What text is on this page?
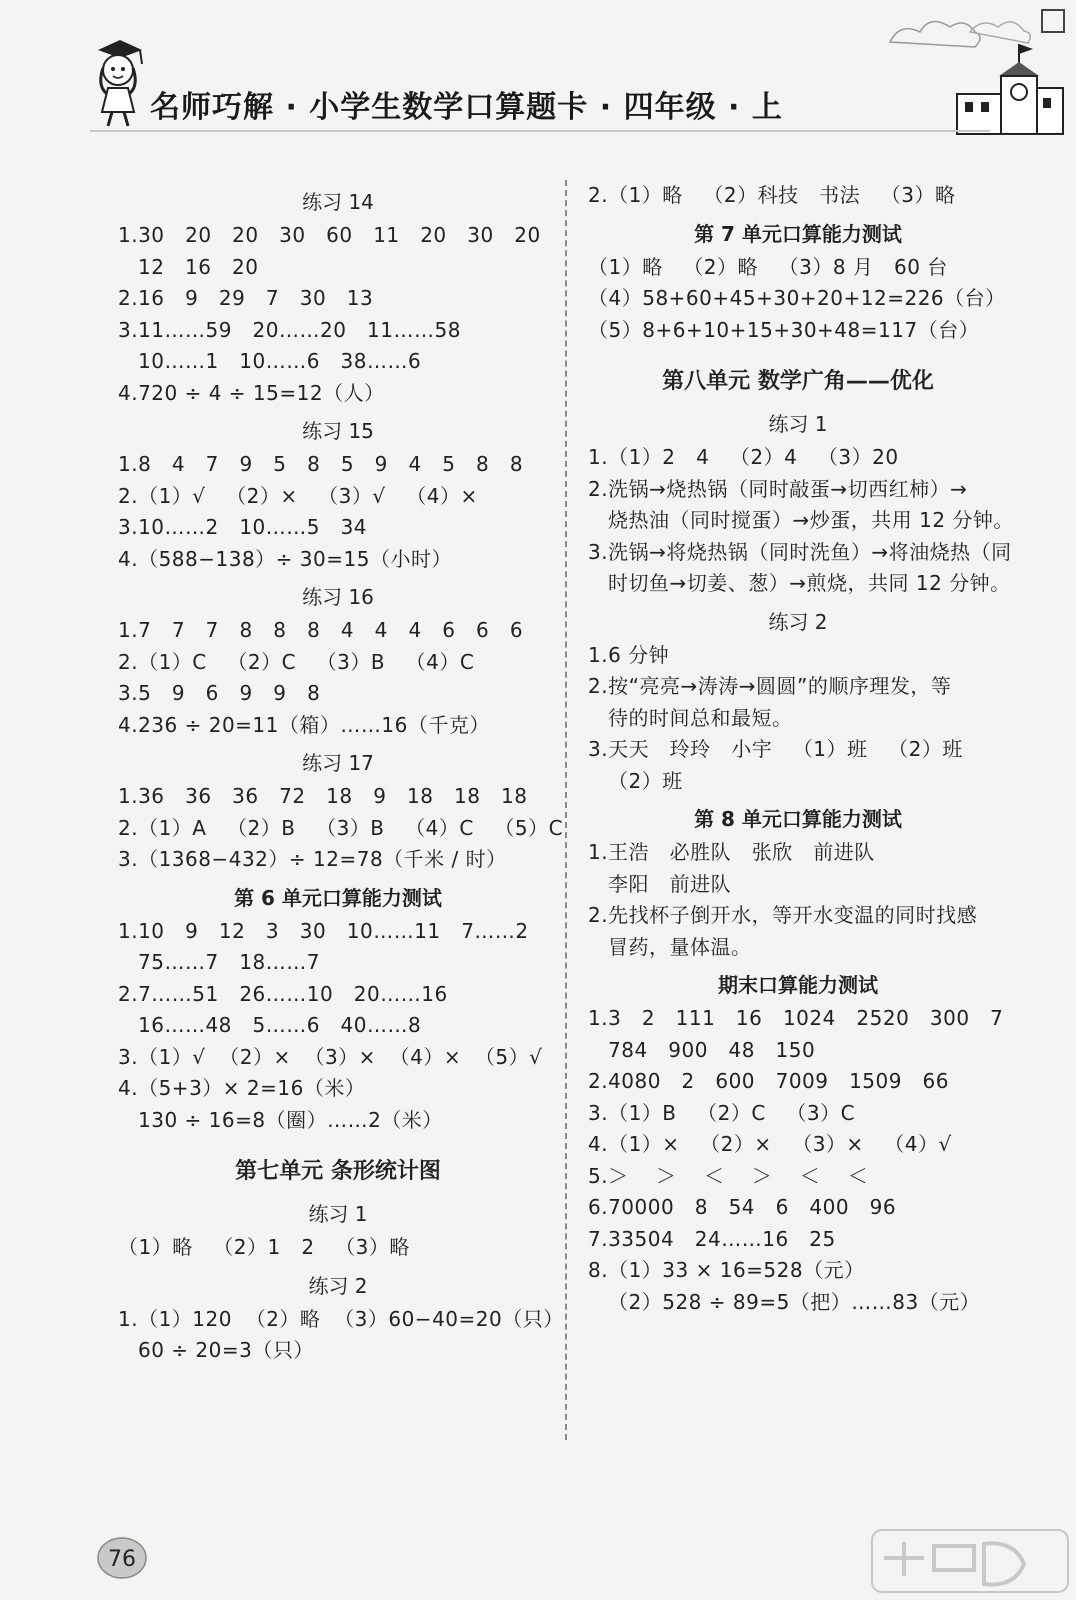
名师巧解 · 小学生数学口算题卡 · 四年级 · 上
练习 14
1.30   20   20   30   60   11   20   30   20
12   16   20
2.16   9   29   7   30   13
3.11……59   20……20   11……58
10……1   10……6   38……6
4.720 ÷ 4 ÷ 15=12（人）
练习 15
1.8   4   7   9   5   8   5   9   4   5   8   8
2.（1）√   （2）×   （3）√   （4）×
3.10……2   10……5   34
4.（588−138）÷ 30=15（小时）
练习 16
1.7   7   7   8   8   8   4   4   4   6   6   6
2.（1）C   （2）C   （3）B   （4）C
3.5   9   6   9   9   8
4.236 ÷ 20=11（箱）……16（千克）
练习 17
1.36   36   36   72   18   9   18   18   18
2.（1）A   （2）B   （3）B   （4）C   （5）C
3.（1368−432）÷ 12=78（千米 / 时）
第 6 单元口算能力测试
1.10   9   12   3   30   10……11   7……2
75……7   18……7
2.7……51   26……10   20……16
16……48   5……6   40……8
3.（1）√  （2）×  （3）×  （4）×  （5）√
4.（5+3）× 2=16（米）
130 ÷ 16=8（圈）……2（米）
第七单元 条形统计图
练习 1
（1）略   （2）1   2   （3）略
练习 2
1.（1）120  （2）略  （3）60−40=20（只）
60 ÷ 20=3（只）
2.（1）略   （2）科技   书法   （3）略
第 7 单元口算能力测试
（1）略   （2）略   （3）8 月   60 台
（4）58+60+45+30+20+12=226（台）
（5）8+6+10+15+30+48=117（台）
第八单元 数学广角——优化
练习 1
1.（1）2   4   （2）4   （3）20
2.洗锅→烧热锅（同时敲蛋→切西红柿）→
烧热油（同时搅蛋）→炒蛋，共用 12 分钟。
3.洗锅→将烧热锅（同时洗鱼）→将油烧热（同
时切鱼→切姜、葱）→煎烧，共同 12 分钟。
练习 2
1.6 分钟
2.按“亮亮→涛涛→圆圆”的顺序理发，等
待的时间总和最短。
3.天天   玲玲   小宇   （1）班   （2）班
（2）班
第 8 单元口算能力测试
1.王浩   必胜队   张欣   前进队
李阳   前进队
2.先找杯子倒开水，等开水变温的同时找感
冒药，量体温。
期末口算能力测试
1.3   2   111   16   1024   2520   300   7
784   900   48   150
2.4080   2   600   7009   1509   66
3.（1）B   （2）C   （3）C
4.（1）×   （2）×   （3）×   （4）√
5.＞    ＞    ＜    ＞    ＜    ＜
6.70000   8   54   6   400   96
7.33504   24……16   25
8.（1）33 × 16=528（元）
（2）528 ÷ 89=5（把）……83（元）
76
